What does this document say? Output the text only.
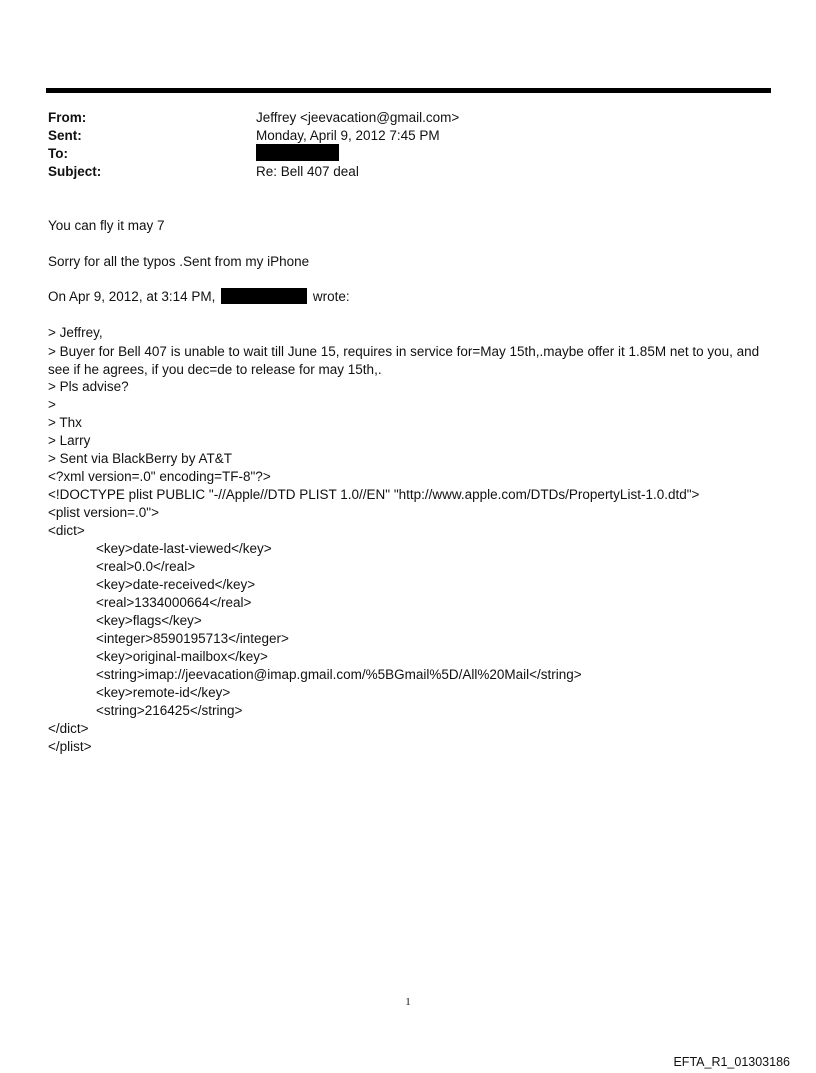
From:	Jeffrey <jeevacation@gmail.com>
Sent:	Monday, April 9, 2012 7:45 PM
To:
Subject:	Re: Bell 407 deal
You can fly it may 7
Sorry for all the typos .Sent from my iPhone
On Apr 9, 2012, at 3:14 PM,	wrote:
> Jeffrey,
> Buyer for Bell 407 is unable to wait till June 15, requires in service for=May 15th,.maybe offer it 1.85M net to you, and see if he agrees, if you dec=de to release for may 15th,.
> Pls advise?
>
> Thx
> Larry
> Sent via BlackBerry by AT&T
<?xml version=.0" encoding=TF-8"?>
<!DOCTYPE plist PUBLIC "-//Apple//DTD PLIST 1.0//EN" "http://www.apple.com/DTDs/PropertyList-1.0.dtd">
<plist version=.0">
<dict>
<key>date-last-viewed</key>
<real>0.0</real>
<key>date-received</key>
<real>1334000664</real>
<key>flags</key>
<integer>8590195713</integer>
<key>original-mailbox</key>
<string>imap://jeevacation@imap.gmail.com/%5BGmail%5D/All%20Mail</string>
<key>remote-id</key>
<string>216425</string>
</dict>
</plist>
1
EFTA_R1_01303186
